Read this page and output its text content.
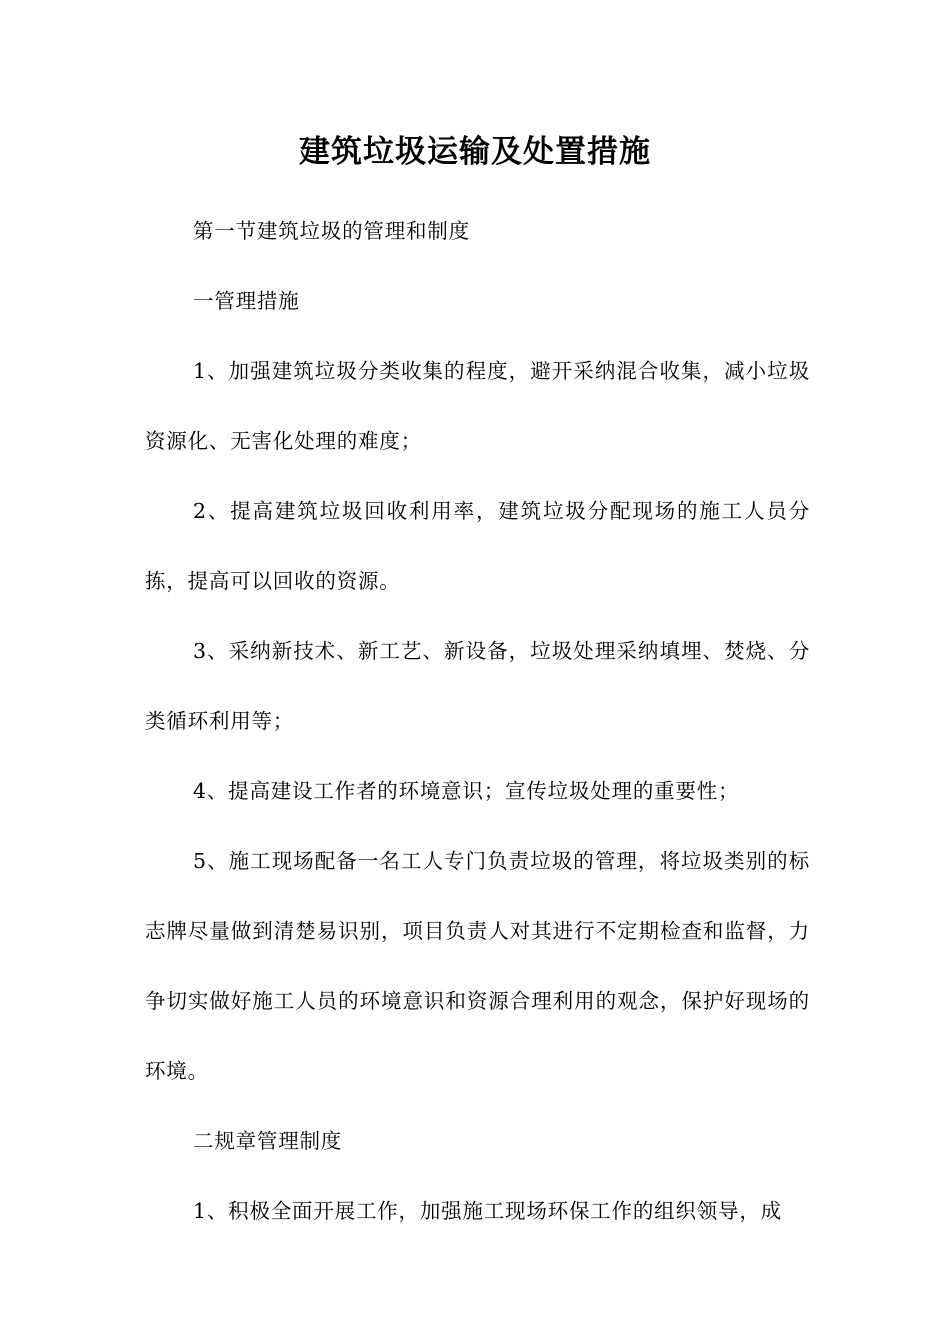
建筑垃圾运输及处置措施

第一节建筑垃圾的管理和制度

一管理措施

1、加强建筑垃圾分类收集的程度，避开采纳混合收集，减小垃圾资源化、无害化处理的难度；

2、提高建筑垃圾回收利用率，建筑垃圾分配现场的施工人员分拣，提高可以回收的资源。

3、采纳新技术、新工艺、新设备，垃圾处理采纳填埋、焚烧、分类循环利用等；

4、提高建设工作者的环境意识；宣传垃圾处理的重要性；

5、施工现场配备一名工人专门负责垃圾的管理，将垃圾类别的标志牌尽量做到清楚易识别，项目负责人对其进行不定期检查和监督，力争切实做好施工人员的环境意识和资源合理利用的观念，保护好现场的环境。

二规章管理制度

1、积极全面开展工作，加强施工现场环保工作的组织领导，成
